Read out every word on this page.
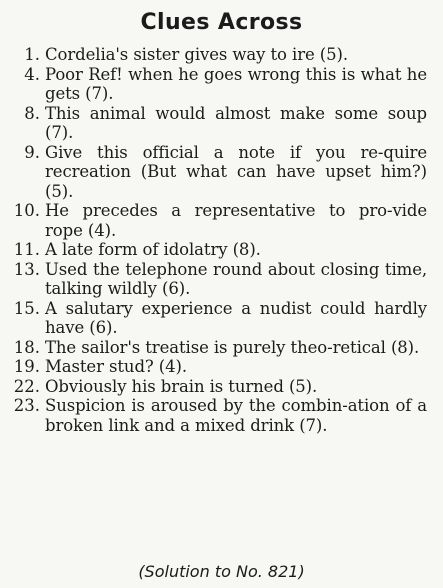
Clues Across
1. Cordelia's sister gives way to ire (5).
4. Poor Ref! when he goes wrong this is what he gets (7).
8. This animal would almost make some soup (7).
9. Give this official a note if you re-quire recreation (But what can have upset him?) (5).
10. He precedes a representative to pro-vide rope (4).
11. A late form of idolatry (8).
13. Used the telephone round about closing time, talking wildly (6).
15. A salutary experience a nudist could hardly have (6).
18. The sailor's treatise is purely theo-retical (8).
19. Master stud? (4).
22. Obviously his brain is turned (5).
23. Suspicion is aroused by the combin-ation of a broken link and a mixed drink (7).
(Solution to No. 821)
